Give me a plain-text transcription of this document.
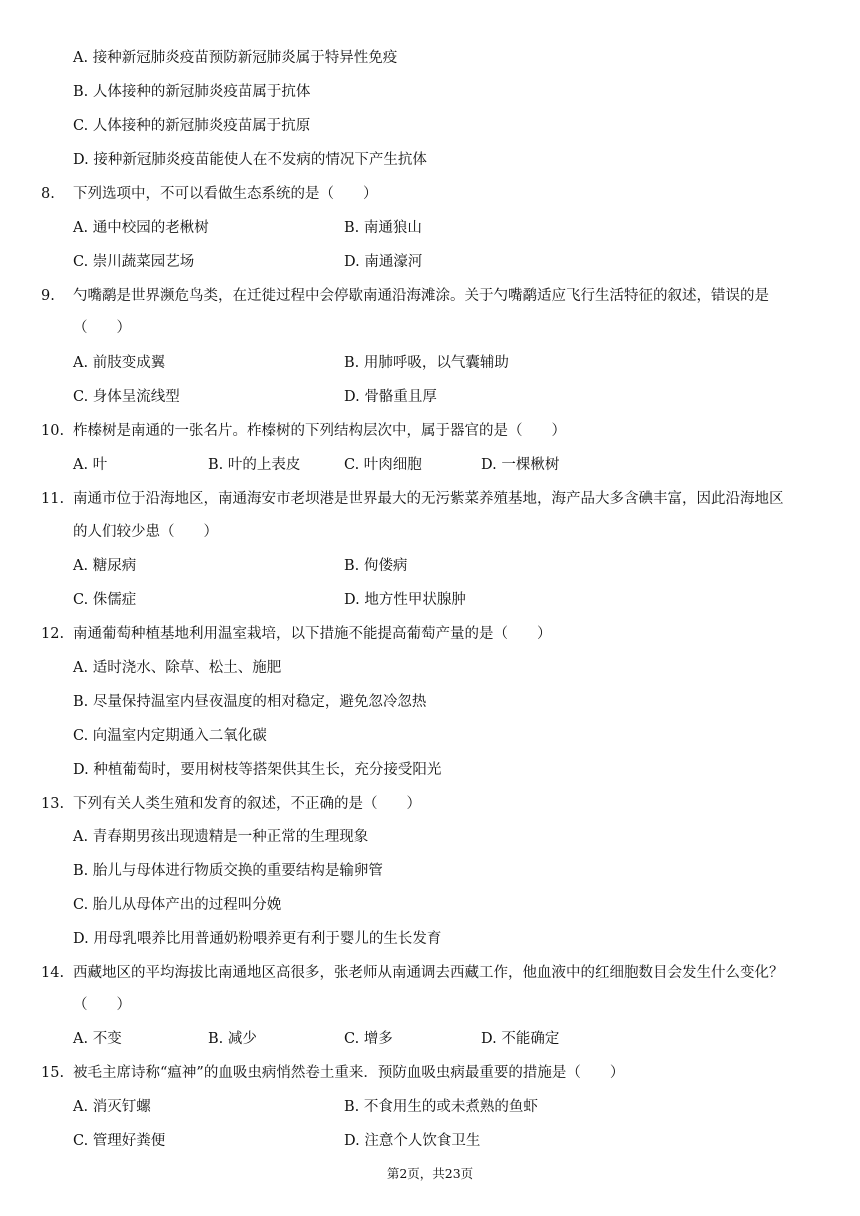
A. 接种新冠肺炎疫苗预防新冠肺炎属于特异性免疫
B. 人体接种的新冠肺炎疫苗属于抗体
C. 人体接种的新冠肺炎疫苗属于抗原
D. 接种新冠肺炎疫苗能使人在不发病的情况下产生抗体
8. 下列选项中，不可以看做生态系统的是（　　）
A. 通中校园的老楸树	B. 南通狼山
C. 崇川蔬菜园艺场	D. 南通濠河
9. 勺嘴鹬是世界濒危鸟类，在迁徙过程中会停歇南通沿海滩涂。关于勺嘴鹬适应飞行生活特征的叙述，错误的是
（　　）
A. 前肢变成翼	B. 用肺呼吸，以气囊辅助
C. 身体呈流线型	D. 骨骼重且厚
10. 柞榛树是南通的一张名片。柞榛树的下列结构层次中，属于器官的是（　　）
A. 叶	B. 叶的上表皮	C. 叶肉细胞	D. 一棵楸树
11. 南通市位于沿海地区，南通海安市老坝港是世界最大的无污紫菜养殖基地，海产品大多含碘丰富，因此沿海地区
的人们较少患（　　）
A. 糖尿病	B. 佝偻病
C. 侏儒症	D. 地方性甲状腺肿
12. 南通葡萄种植基地利用温室栽培，以下措施不能提高葡萄产量的是（　　）
A. 适时浇水、除草、松土、施肥
B. 尽量保持温室内昼夜温度的相对稳定，避免忽冷忽热
C. 向温室内定期通入二氧化碳
D. 种植葡萄时，要用树枝等搭架供其生长，充分接受阳光
13. 下列有关人类生殖和发育的叙述，不正确的是（　　）
A. 青春期男孩出现遗精是一种正常的生理现象
B. 胎儿与母体进行物质交换的重要结构是输卵管
C. 胎儿从母体产出的过程叫分娩
D. 用母乳喂养比用普通奶粉喂养更有利于婴儿的生长发育
14. 西藏地区的平均海拔比南通地区高很多，张老师从南通调去西藏工作，他血液中的红细胞数目会发生什么变化？
（　　）
A. 不变	B. 减少	C. 增多	D. 不能确定
15. 被毛主席诗称“瘟神”的血吸虫病悄然卷土重来．预防血吸虫病最重要的措施是（　　）
A. 消灭钉螺	B. 不食用生的或未煮熟的鱼虾
C. 管理好粪便	D. 注意个人饮食卫生
第2页，共23页
